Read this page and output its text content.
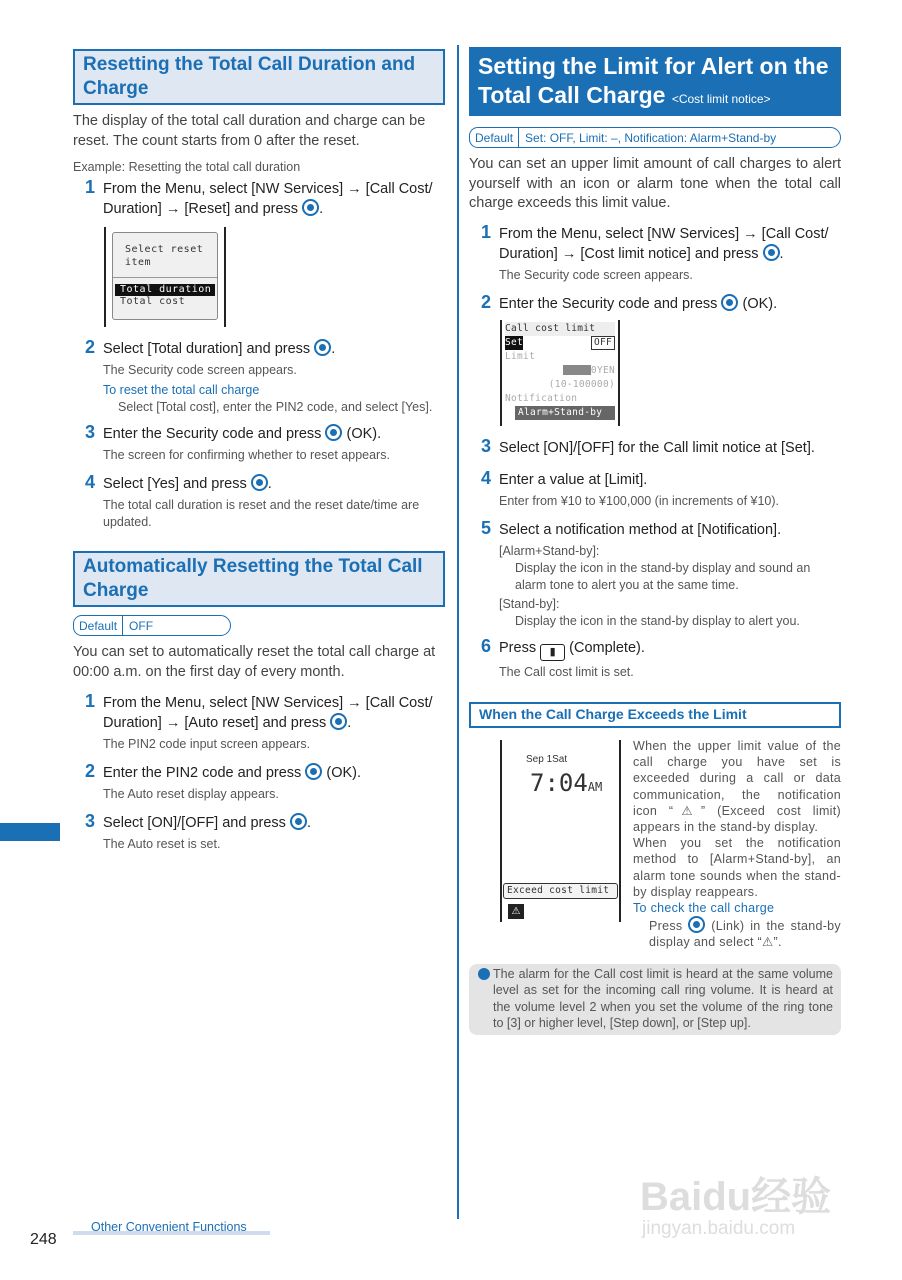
Resetting the Total Call Duration and Charge

The display of the total call duration and charge can be reset. The count starts from 0 after the reset.

Example: Resetting the total call duration

1 From the Menu, select [NW Services] → [Call Cost/ Duration] → [Reset] and press .
Select reset
item
Total duration
Total cost
2 Select [Total duration] and press .

The Security code screen appears.

To reset the total call charge

Select [Total cost], enter the PIN2 code, and select [Yes].

3 Enter the Security code and press (OK).

The screen for confirming whether to reset appears.

4 Select [Yes] and press .

The total call duration is reset and the reset date/time are updated.

Automatically Resetting the Total Call Charge
Default	OFF

You can set to automatically reset the total call charge at 00:00 a.m. on the first day of every month.

1 From the Menu, select [NW Services] → [Call Cost/ Duration] → [Auto reset] and press .

The PIN2 code input screen appears.

2 Enter the PIN2 code and press (OK).

The Auto reset display appears.

3 Select [ON]/[OFF] and press .

The Auto reset is set.

Setting the Limit for Alert on the Total Call Charge <Cost limit notice>
Default	Set: OFF, Limit: –, Notification: Alarm+Stand-by

You can set an upper limit amount of call charges to alert yourself with an icon or alarm tone when the total call charge exceeds this limit value.

1 From the Menu, select [NW Services] → [Call Cost/ Duration] → [Cost limit notice] and press .

The Security code screen appears.

2 Enter the Security code and press (OK).
Call cost limit
Set	OFF
Limit
0YEN
(10-100000)
Notification
Alarm+Stand-by
3 Select [ON]/[OFF] for the Call limit notice at [Set].
4 Enter a value at [Limit].

Enter from ¥10 to ¥100,000 (in increments of ¥10).

5 Select a notification method at [Notification].

[Alarm+Stand-by]:

Display the icon in the stand-by display and sound an alarm tone to alert you at the same time.

[Stand-by]:

Display the icon in the stand-by display to alert you.

6 Press ▮ (Complete).

The Call cost limit is set.

When the Call Charge Exceeds the Limit
Sep 1Sat
7:04AM
Exceed cost limit
⚠

When the upper limit value of the call charge you have set is exceeded during a call or data communication, the notification icon “⚠” (Exceed cost limit) appears in the stand-by display.

When you set the notification method to [Alarm+Stand-by], an alarm tone sounds when the stand-by display reappears.

To check the call charge

Press (Link) in the stand-by display and select “⚠”.

The alarm for the Call cost limit is heard at the same volume level as set for the incoming call ring volume. It is heard at the volume level 2 when you set the volume of the ring tone to [3] or higher level, [Step down], or [Step up].
248
Other Convenient Functions
Baidu经验
jingyan.baidu.com
